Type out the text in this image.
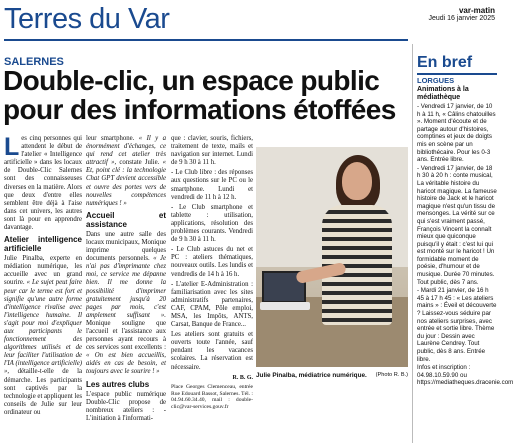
Terres du Var	var-matin
Jeudi 16 janvier 2025
SALERNES
Double-clic, un espace public pour des informations étoffées

Les cinq personnes qui attendent le début de l'atelier « Intelligence artificielle » dans les locaux de Double-Clic Salernes sont des connaisseuses diverses en la matière. Alors que deux d'entre elles semblent être déjà à l'aise dans cet univers, les autres sont là pour en apprendre davantage.

Atelier intelligence artificielle

Julie Pinalba, experte en médiation numérique, les accueille avec un grand sourire. « Le sujet peut faire peur car le terme est fort et signifie qu'une autre forme d'intelligence rivalise avec l'intelligence humaine. Il s'agit pour moi d'expliquer aux participants le fonctionnement des algorithmes utilisés et de leur faciliter l'utilisation de l'IA (intelligence artificielle) », détaille-t-elle de la démarche. Les participants sont captivés par la technologie et appliquent les conseils de Julie sur leur ordinateur ou

leur smartphone. « Il y a énormément d'échanges, ce qui rend cet atelier très attractif », constate Julie. « Et, point clé : la technologie Chat GPT devient accessible et ouvre des portes vers de nouvelles compétences numériques ! »

Accueil et assistance

Dans une autre salle des locaux municipaux, Monique imprime quelques documents personnels. « Je n'ai pas d'imprimante chez moi, ce service me dépanne bien. Il me donne la possibilité d'imprimer gratuitement jusqu'à 20 pages par mois, c'est amplement suffisant ». Monique souligne que l'accueil et l'assistance aux personnes ayant recours à ces services sont excellents : « On est bien accueillis, aidés en cas de besoin, et toujours avec le sourire ! »

Les autres clubs

L'espace public numérique Double-Clic propose de nombreux ateliers : - L'initiation à l'informati-

que : clavier, souris, fichiers, traitement de texte, mails et navigation sur internet. Lundi de 9 h 30 à 11 h.

- Le Club libre : des réponses aux questions sur le PC ou le smartphone. Lundi et vendredi de 11 h à 12 h.

- Le Club smartphone et tablette : utilisation, applications, résolution des problèmes courants. Vendredi de 9 h 30 à 11 h.

- Le Club astuces du net et PC : ateliers thématiques, nouveaux outils. Les lundis et vendredis de 14 h à 16 h.

- L'atelier E-Administration : familiarisation avec les sites administratifs partenaires, CAF, CPAM, Pôle emploi, MSA, les Impôts, ANTS, Carsat, Banque de France...

Les ateliers sont gratuits et ouverts toute l'année, sauf pendant les vacances scolaires. La réservation est nécessaire.

R. B. G.
Place Georges Clemenceau, entrée Rue Edouard Bassot, Salernes. Tél. : 04.94.60.34.40, mail : double-clic@var-services.gouv.fr
Julie Pinalba, médiatrice numérique. (Photo R. B.)
En bref
LORGUES
Animations à la médiathèque

- Vendredi 17 janvier, de 10 h à 11 h, « Câlins chatouilles ». Moment d'écoute et de partage autour d'histoires, comptines et jeux de doigts mis en scène par un bibliothécaire. Pour les 0-3 ans. Entrée libre.

- Vendredi 17 janvier, de 18 h 30 à 20 h : conte musical, La véritable histoire du haricot magique. La fameuse histoire de Jack et le haricot magique n'est qu'un tissu de mensonges. La vérité sur ce qui s'est vraiment passé, François Vincent la connaît mieux que quiconque puisqu'il y était : c'est lui qui est monté sur le haricot ! Un formidable moment de poésie, d'humour et de musique. Durée 70 minutes. Tout public, dès 7 ans.

- Mardi 21 janvier, de 16 h 45 à 17 h 45 : « Les ateliers mains » : Éveil et découverte ? Laissez-vous séduire par nos ateliers surprises, avec entrée et sortie libre. Thème du jour : Dessin avec Laurène Cendrey. Tout public, dès 8 ans. Entrée libre.

Infos et inscription : 04.98.10.59.90 ou https://mediatheques.dracenie.com
